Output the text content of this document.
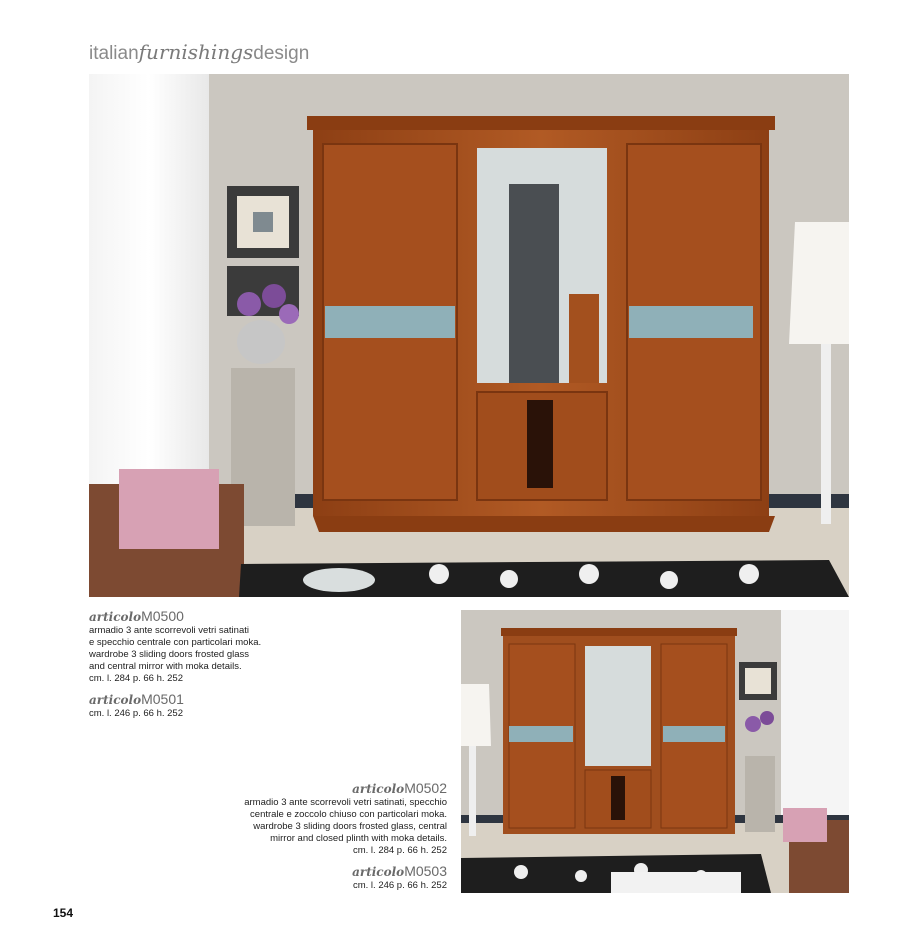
italianfurnishingsdesign
articoloM0500
armadio 3 ante scorrevoli vetri satinati
e specchio centrale con particolari moka.
wardrobe 3 sliding doors frosted glass
and central mirror with moka details.
cm. l. 284 p. 66 h. 252
articoloM0501
cm. l. 246 p. 66 h. 252
articoloM0502
armadio 3 ante scorrevoli vetri satinati, specchio
centrale e zoccolo chiuso con particolari moka.
wardrobe 3 sliding doors frosted glass, central
mirror and closed plinth with moka details.
cm. l. 284 p. 66 h. 252
articoloM0503
cm. l. 246 p. 66 h. 252
154
